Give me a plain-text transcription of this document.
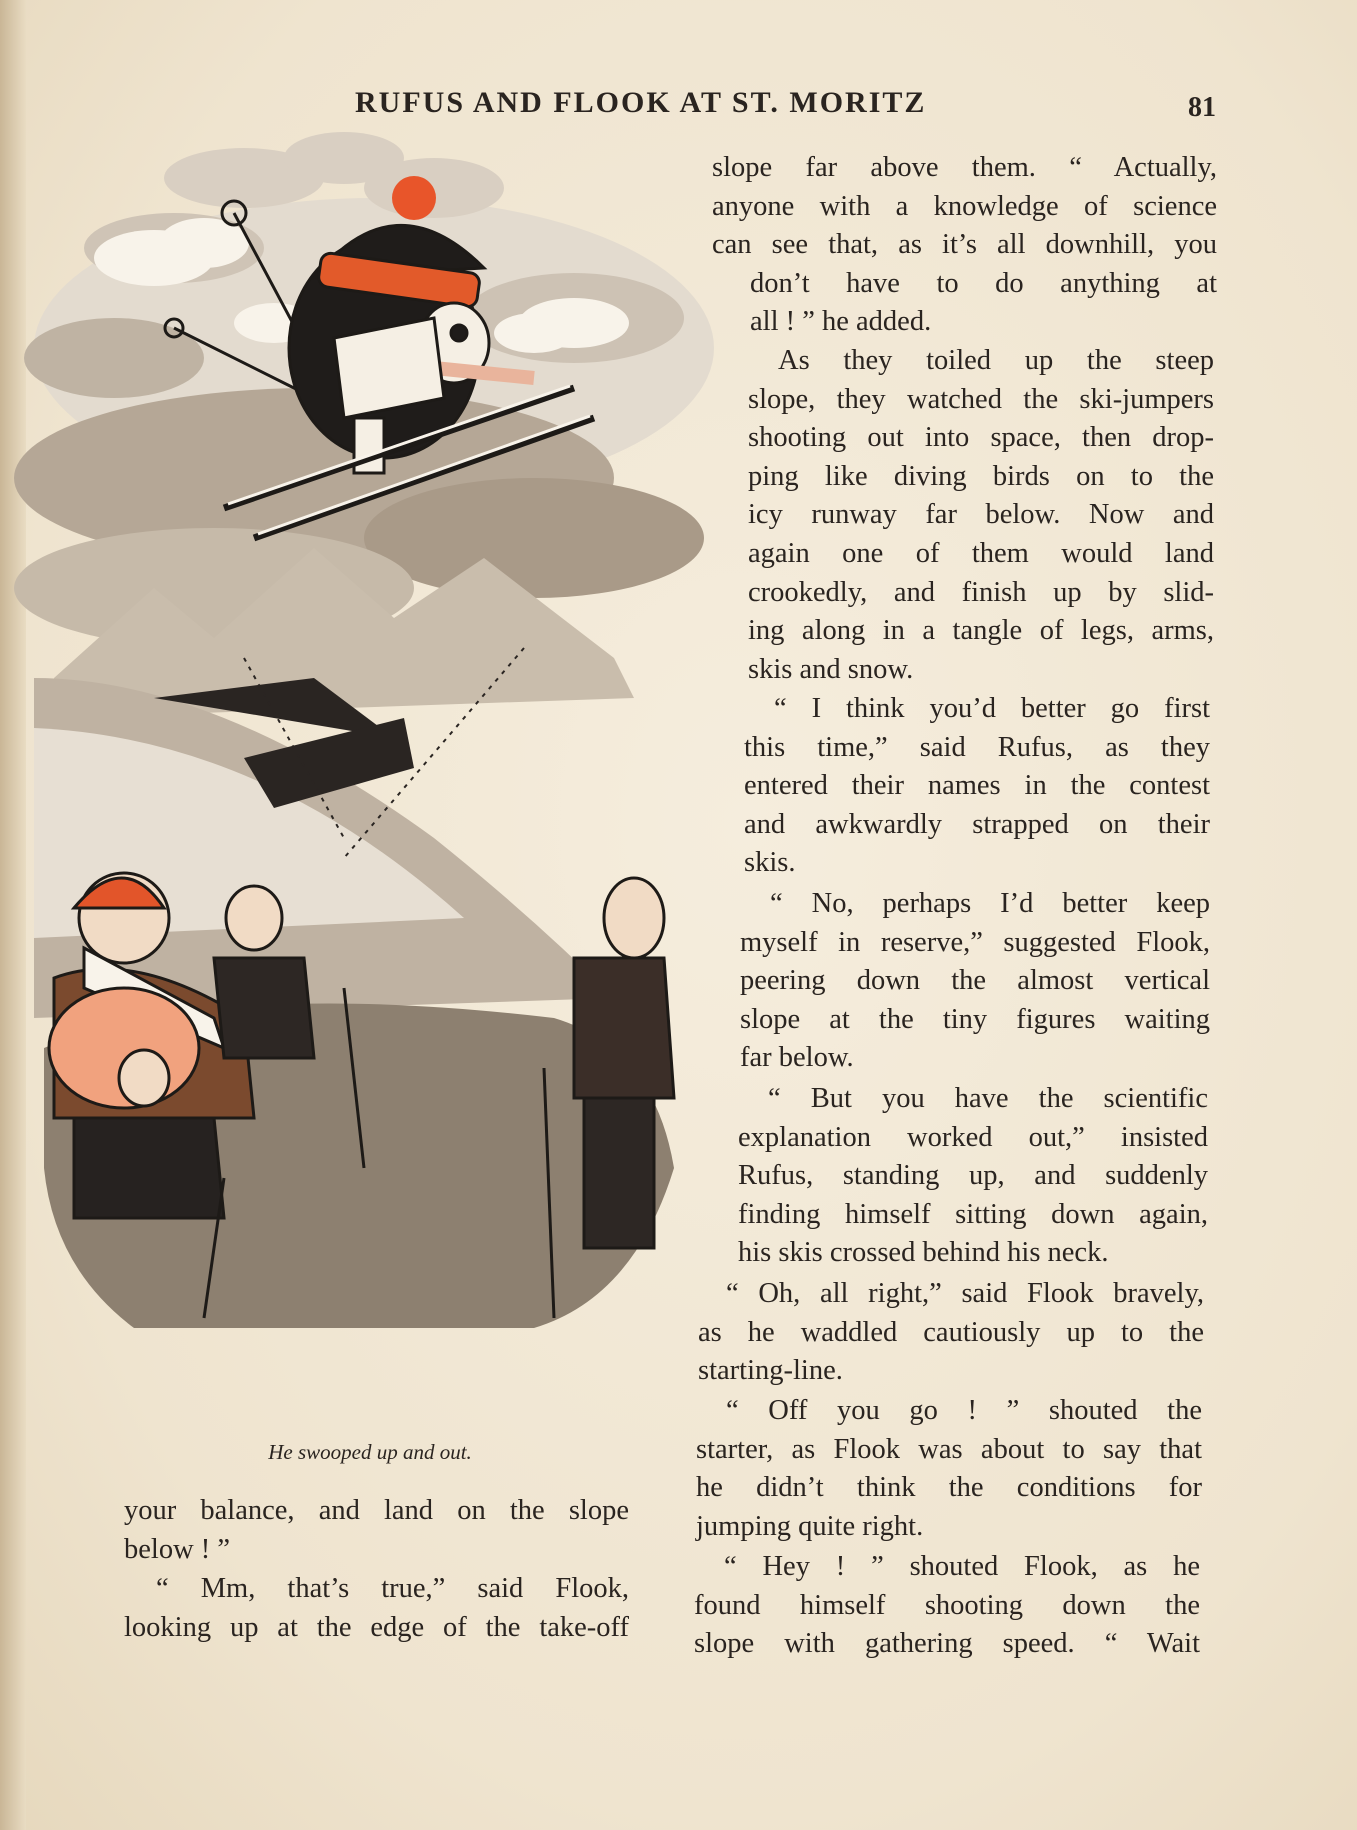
RUFUS AND FLOOK AT ST. MORITZ	81
He swooped up and out.
your balance, and land on the slope
below ! ”
“ Mm, that’s true,” said Flook,
looking up at the edge of the take-off
slope far above them. “ Actually,
anyone with a knowledge of science
can see that, as it’s all downhill, you
don’t have to do anything at
all ! ” he added.
As they toiled up the steep
slope, they watched the ski-jumpers
shooting out into space, then drop-
ping like diving birds on to the
icy runway far below. Now and
again one of them would land
crookedly, and finish up by slid-
ing along in a tangle of legs, arms,
skis and snow.
“ I think you’d better go first
this time,” said Rufus, as they
entered their names in the contest
and awkwardly strapped on their
skis.
“ No, perhaps I’d better keep
myself in reserve,” suggested Flook,
peering down the almost vertical
slope at the tiny figures waiting
far below.
“ But you have the scientific
explanation worked out,” insisted
Rufus, standing up, and suddenly
finding himself sitting down again,
his skis crossed behind his neck.
“ Oh, all right,” said Flook bravely,
as he waddled cautiously up to the
starting-line.
“ Off you go ! ” shouted the
starter, as Flook was about to say that
he didn’t think the conditions for
jumping quite right.
“ Hey ! ” shouted Flook, as he
found himself shooting down the
slope with gathering speed. “ Wait
